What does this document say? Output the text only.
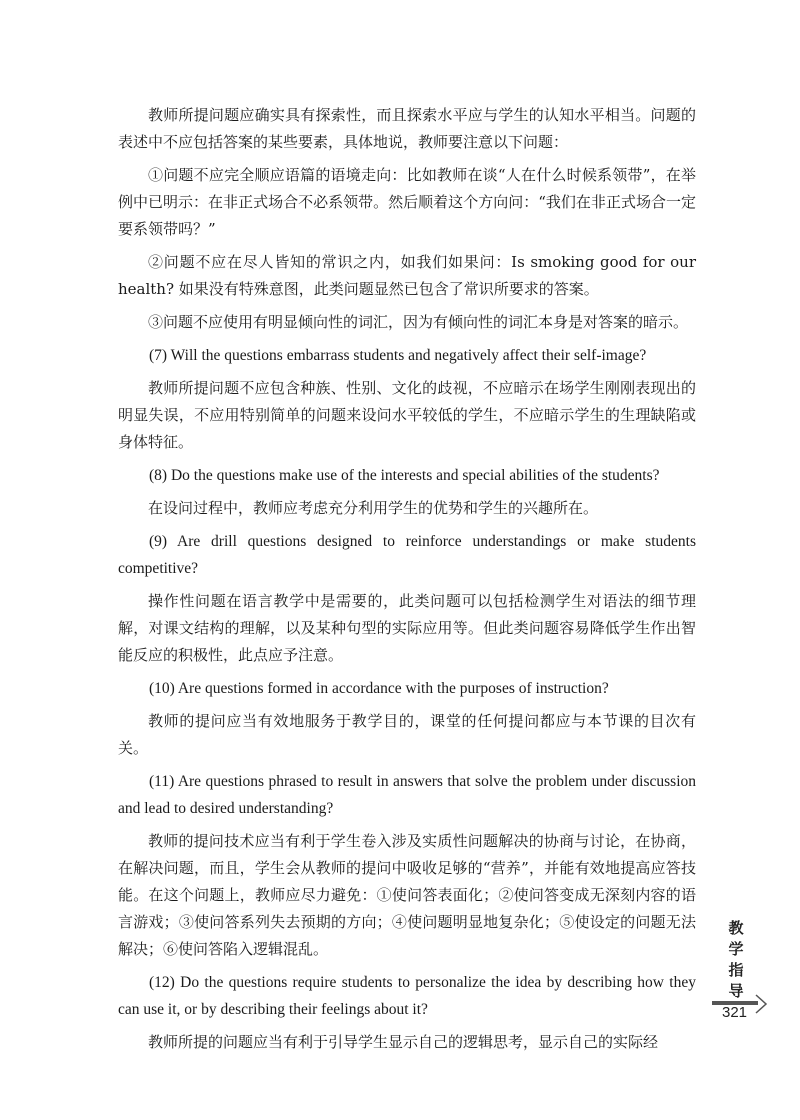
教师所提问题应确实具有探索性，而且探索水平应与学生的认知水平相当。问题的表述中不应包括答案的某些要素，具体地说，教师要注意以下问题：

①问题不应完全顺应语篇的语境走向：比如教师在谈“人在什么时候系领带”，在举例中已明示：在非正式场合不必系领带。然后顺着这个方向问：“我们在非正式场合一定要系领带吗？”

②问题不应在尽人皆知的常识之内，如我们如果问：Is smoking good for our health? 如果没有特殊意图，此类问题显然已包含了常识所要求的答案。

③问题不应使用有明显倾向性的词汇，因为有倾向性的词汇本身是对答案的暗示。

(7) Will the questions embarrass students and negatively affect their self-image?

教师所提问题不应包含种族、性别、文化的歧视，不应暗示在场学生刚刚表现出的明显失误，不应用特别简单的问题来设问水平较低的学生，不应暗示学生的生理缺陷或身体特征。

(8) Do the questions make use of the interests and special abilities of the students?

在设问过程中，教师应考虑充分利用学生的优势和学生的兴趣所在。

(9) Are drill questions designed to reinforce understandings or make students competitive?

操作性问题在语言教学中是需要的，此类问题可以包括检测学生对语法的细节理解，对课文结构的理解，以及某种句型的实际应用等。但此类问题容易降低学生作出智能反应的积极性，此点应予注意。

(10) Are questions formed in accordance with the purposes of instruction?

教师的提问应当有效地服务于教学目的，课堂的任何提问都应与本节课的目次有关。

(11) Are questions phrased to result in answers that solve the problem under discussion and lead to desired understanding?

教师的提问技术应当有利于学生卷入涉及实质性问题解决的协商与讨论，在协商，在解决问题，而且，学生会从教师的提问中吸收足够的“营养”，并能有效地提高应答技能。在这个问题上，教师应尽力避免：①使问答表面化；②使问答变成无深刻内容的语言游戏；③使问答系列失去预期的方向；④使问题明显地复杂化；⑤使设定的问题无法解决；⑥使问答陷入逻辑混乱。

(12) Do the questions require students to personalize the idea by describing how they can use it, or by describing their feelings about it?

教师所提的问题应当有利于引导学生显示自己的逻辑思考，显示自己的实际经

教
学
指
导
321
